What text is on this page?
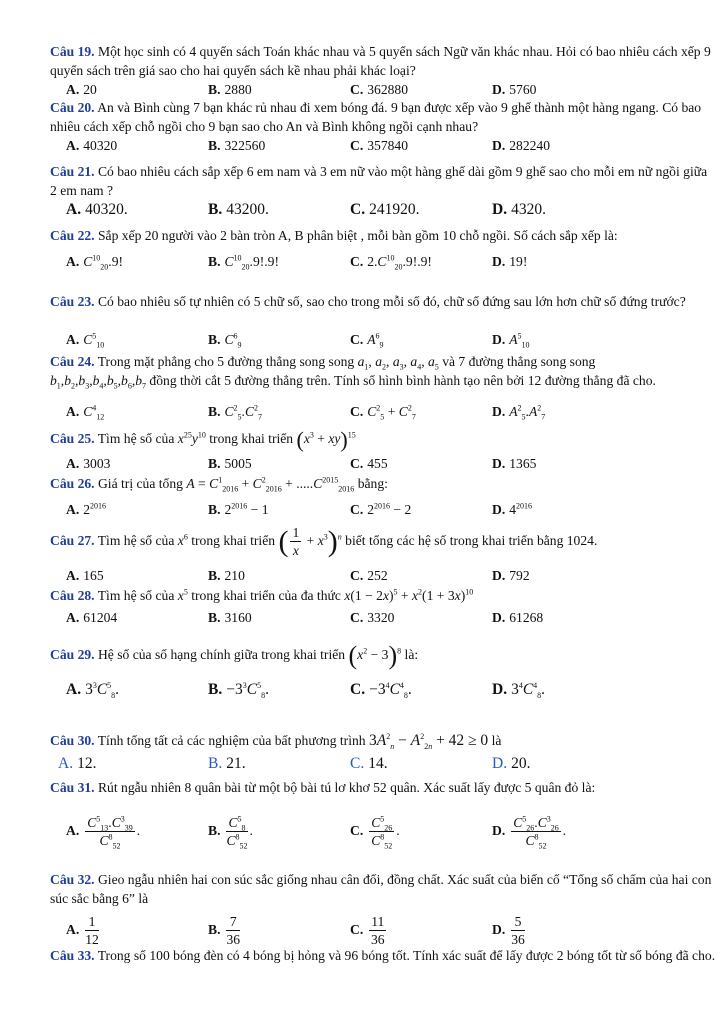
Câu 19. Một học sinh có 4 quyển sách Toán khác nhau và 5 quyển sách Ngữ văn khác nhau. Hỏi có bao nhiêu cách xếp 9 quyển sách trên giá sao cho hai quyển sách kề nhau phải khác loại?
A. 20	B. 2880	C. 362880	D. 5760
Câu 20. An và Bình cùng 7 bạn khác rủ nhau đi xem bóng đá. 9 bạn được xếp vào 9 ghế thành một hàng ngang. Có bao nhiêu cách xếp chỗ ngồi cho 9 bạn sao cho An và Bình không ngồi cạnh nhau?
A. 40320	B. 322560	C. 357840	D. 282240
Câu 21. Có bao nhiêu cách sắp xếp 6 em nam và 3 em nữ vào một hàng ghế dài gồm 9 ghế sao cho mỗi em nữ ngồi giữa 2 em nam ?
A. 40320.	B. 43200.	C. 241920.	D. 4320.
Câu 22. Sắp xếp 20 người vào 2 bàn tròn A, B phân biệt , mỗi bàn gồm 10 chỗ ngồi. Số cách sắp xếp là:
A. $C^{10}_{20}.9$!	B. $C^{10}_{20}.9!.9$!	C. $2.C^{10}_{20}.9!.9$!	D. 19!
Câu 23. Có bao nhiêu số tự nhiên có 5 chữ số, sao cho trong mỗi số đó, chữ số đứng sau lớn hơn chữ số đứng trước?
A. $C^5_{10}$	B. $C^6_9$	C. $A^6_9$	D. $A^5_{10}$
Câu 24. Trong mặt phẳng cho 5 đường thẳng song song $a_1$, $a_2$, $a_3$, $a_4$, $a_5$ và 7 đường thẳng song song
$b_1,b_2,b_3,b_4,b_5,b_6,b_7$ đồng thời cắt 5 đường thẳng trên. Tính số hình bình hành tạo nên bởi 12 đường thẳng đã cho.
A. $C^4_{12}$	B. $C^2_5.C^2_7$	C. $C^2_5 + C^2_7$	D. $A^2_5.A^2_7$
Câu 25. Tìm hệ số của $x^{25}y^{10}$ trong khai triển $(x^3 + xy)^{15}$
A. 3003	B. 5005	C. 455	D. 1365
Câu 26. Giá trị của tổng $A = C^1_{2016} + C^2_{2016} + .....C^{2015}_{2016}$ bằng:
A. $2^{2016}$	B. $2^{2016} - 1$	C. $2^{2016} - 2$	D. $4^{2016}$
Câu 27. Tìm hệ số của $x^6$ trong khai triển ( $\frac{1}{x} + x^3)^n$ biết tổng các hệ số trong khai triển bằng 1024.
A. 165	B. 210	C. 252	D. 792
Câu 28. Tìm hệ số của $x^5$ trong khai triển của đa thức $x(1 - 2x)^5 + x^2(1 + 3x)^{10}$
A. 61204	B. 3160	C. 3320	D. 61268
Câu 29. Hệ số của số hạng chính giữa trong khai triển $(x^2 - 3)^8$ là:
A. $3^3C^5_8$.	B. $-3^3C^5_8$.	C. $-3^4C^4_8$.	D. $3^4C^4_8$.
Câu 30. Tính tổng tất cả các nghiệm của bất phương trình $3A^2_n - A^2_{2n} + 42 \ge 0$ là
A. 12.	B. 21.	C. 14.	D. 20.
Câu 31. Rút ngẫu nhiên 8 quân bài từ một bộ bài tú lơ khơ 52 quân. Xác suất lấy được 5 quân đỏ là:
A. $\frac{C^5_{13}.C^3_{39}}{C^8_{52}}$ .	B. $\frac{C^5_8}{C^8_{52}}$ .	C. $\frac{C^5_{26}}{C^8_{52}}$ .	D. $\frac{C^5_{26}.C^3_{26}}{C^8_{52}}$ .
Câu 32. Gieo ngẫu nhiên hai con súc sắc giống nhau cân đối, đồng chất. Xác suất của biến cố “Tổng số chấm của hai con súc sắc bằng 6” là
A. $\frac{1}{12}$	B. $\frac{7}{36}$	C. $\frac{11}{36}$	D. $\frac{5}{36}$
Câu 33. Trong số 100 bóng đèn có 4 bóng bị hỏng và 96 bóng tốt. Tính xác suất để lấy được 2 bóng tốt từ số bóng đã cho.
